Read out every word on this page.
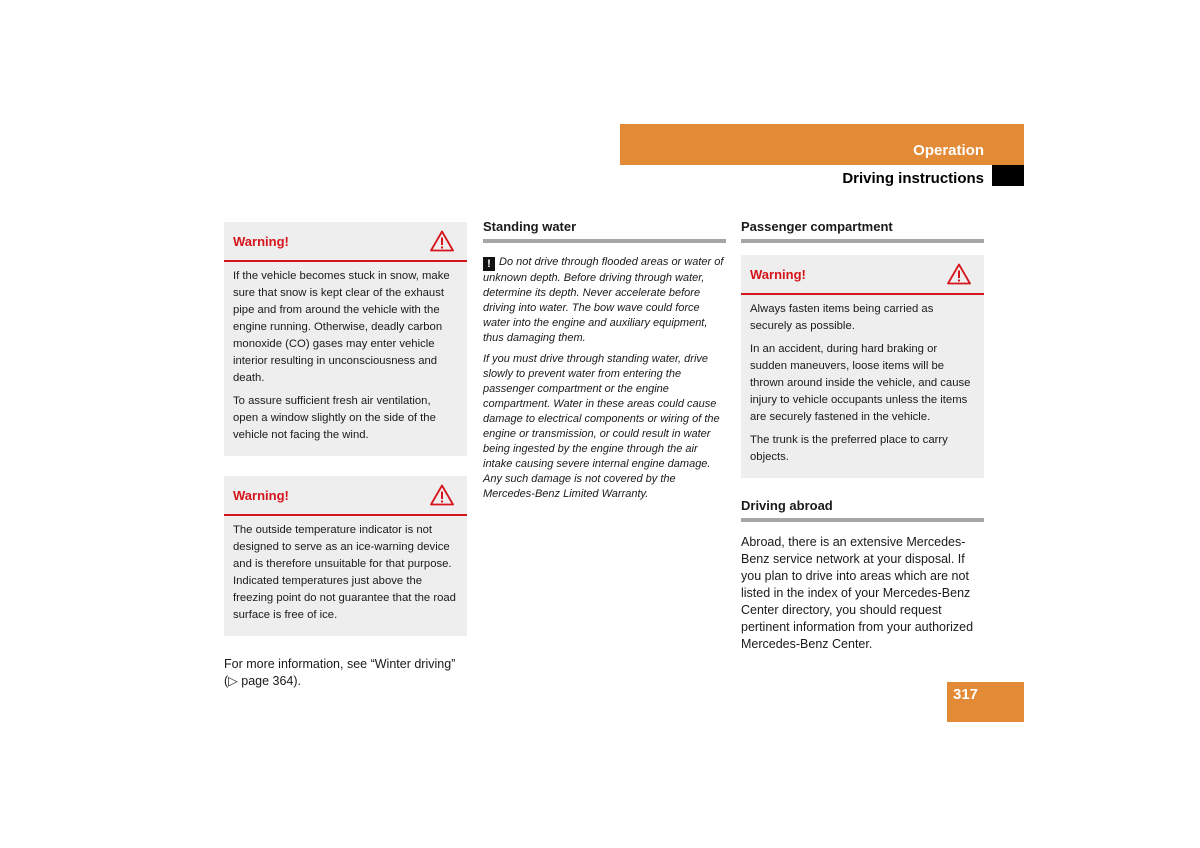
Operation
Driving instructions
Warning!

If the vehicle becomes stuck in snow, make sure that snow is kept clear of the exhaust pipe and from around the vehicle with the engine running. Otherwise, deadly carbon monoxide (CO) gases may enter vehicle interior resulting in unconsciousness and death.

To assure sufficient fresh air ventilation, open a window slightly on the side of the vehicle not facing the wind.

Warning!

The outside temperature indicator is not designed to serve as an ice-warning device and is therefore unsuitable for that purpose. Indicated temperatures just above the freezing point do not guarantee that the road surface is free of ice.

For more information, see “Winter driving” (▷ page 364).

Standing water

! Do not drive through flooded areas or water of unknown depth. Before driving through water, determine its depth. Never accelerate before driving into water. The bow wave could force water into the engine and auxiliary equipment, thus damaging them.

If you must drive through standing water, drive slowly to prevent water from entering the passenger compartment or the engine compartment. Water in these areas could cause damage to electrical components or wiring of the engine or transmission, or could result in water being ingested by the engine through the air intake causing severe internal engine damage. Any such damage is not covered by the Mercedes-Benz Limited Warranty.

Passenger compartment
Warning!

Always fasten items being carried as securely as possible.

In an accident, during hard braking or sudden maneuvers, loose items will be thrown around inside the vehicle, and cause injury to vehicle occupants unless the items are securely fastened in the vehicle.

The trunk is the preferred place to carry objects.

Driving abroad

Abroad, there is an extensive Mercedes-Benz service network at your disposal. If you plan to drive into areas which are not listed in the index of your Mercedes-Benz Center directory, you should request pertinent information from your authorized Mercedes-Benz Center.

317
